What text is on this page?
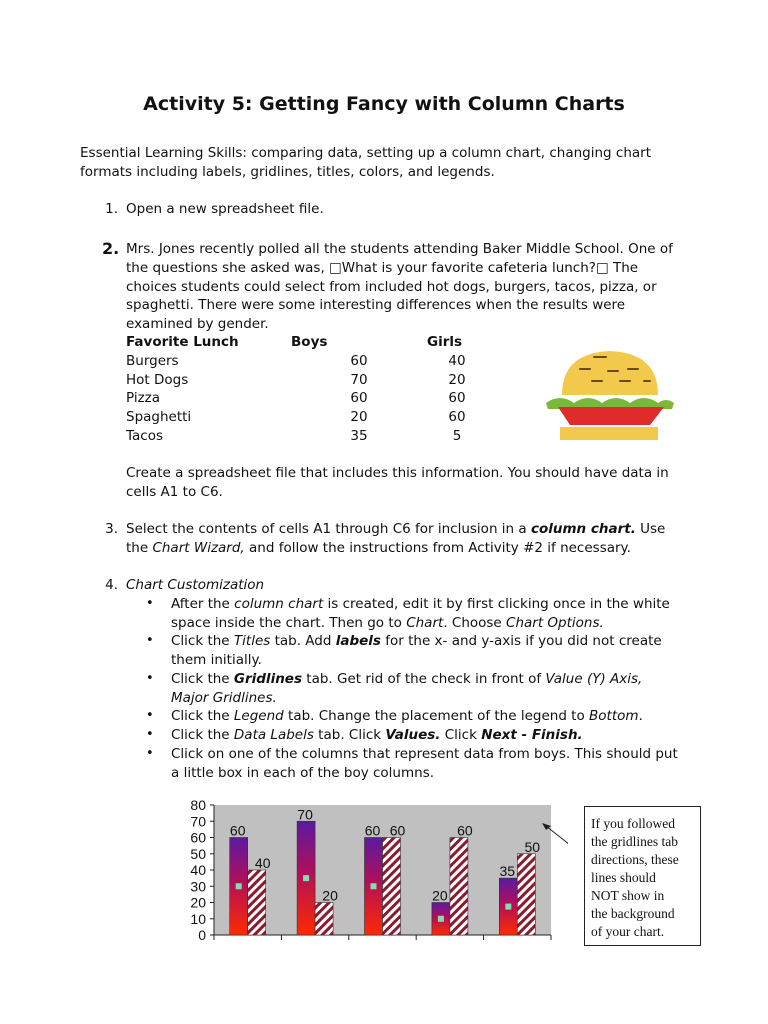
Activity 5: Getting Fancy with Column Charts
Essential Learning Skills: comparing data, setting up a column chart, changing chart
formats including labels, gridlines, titles, colors, and legends.
1. Open a new spreadsheet file.
2. Mrs. Jones recently polled all the students attending Baker Middle School. One of
the questions she asked was, □What is your favorite cafeteria lunch?□ The
choices students could select from included hot dogs, burgers, tacos, pizza, or
spaghetti. There were some interesting differences when the results were
examined by gender.
Favorite Lunch	Boys	Girls
Burgers	60	40
Hot Dogs	70	20
Pizza	60	60
Spaghetti	20	60
Tacos	35	5
Create a spreadsheet file that includes this information. You should have data in
cells A1 to C6.
3. Select the contents of cells A1 through C6 for inclusion in a column chart. Use
the Chart Wizard, and follow the instructions from Activity #2 if necessary.
4. Chart Customization
• After the column chart is created, edit it by first clicking once in the white
space inside the chart. Then go to Chart. Choose Chart Options.
• Click the Titles tab. Add labels for the x- and y-axis if you did not create
them initially.
• Click the Gridlines tab. Get rid of the check in front of Value (Y) Axis,
Major Gridlines.
• Click the Legend tab. Change the placement of the legend to Bottom.
• Click the Data Labels tab. Click Values. Click Next - Finish.
• Click on one of the columns that represent data from boys. This should put
a little box in each of the boy columns.
80
70
60
50
40
30
20
10
0
60
70
60
20
35
40
20
60	60
50
If you followed
the gridlines tab
directions, these
lines should
NOT show in
the background
of your chart.
